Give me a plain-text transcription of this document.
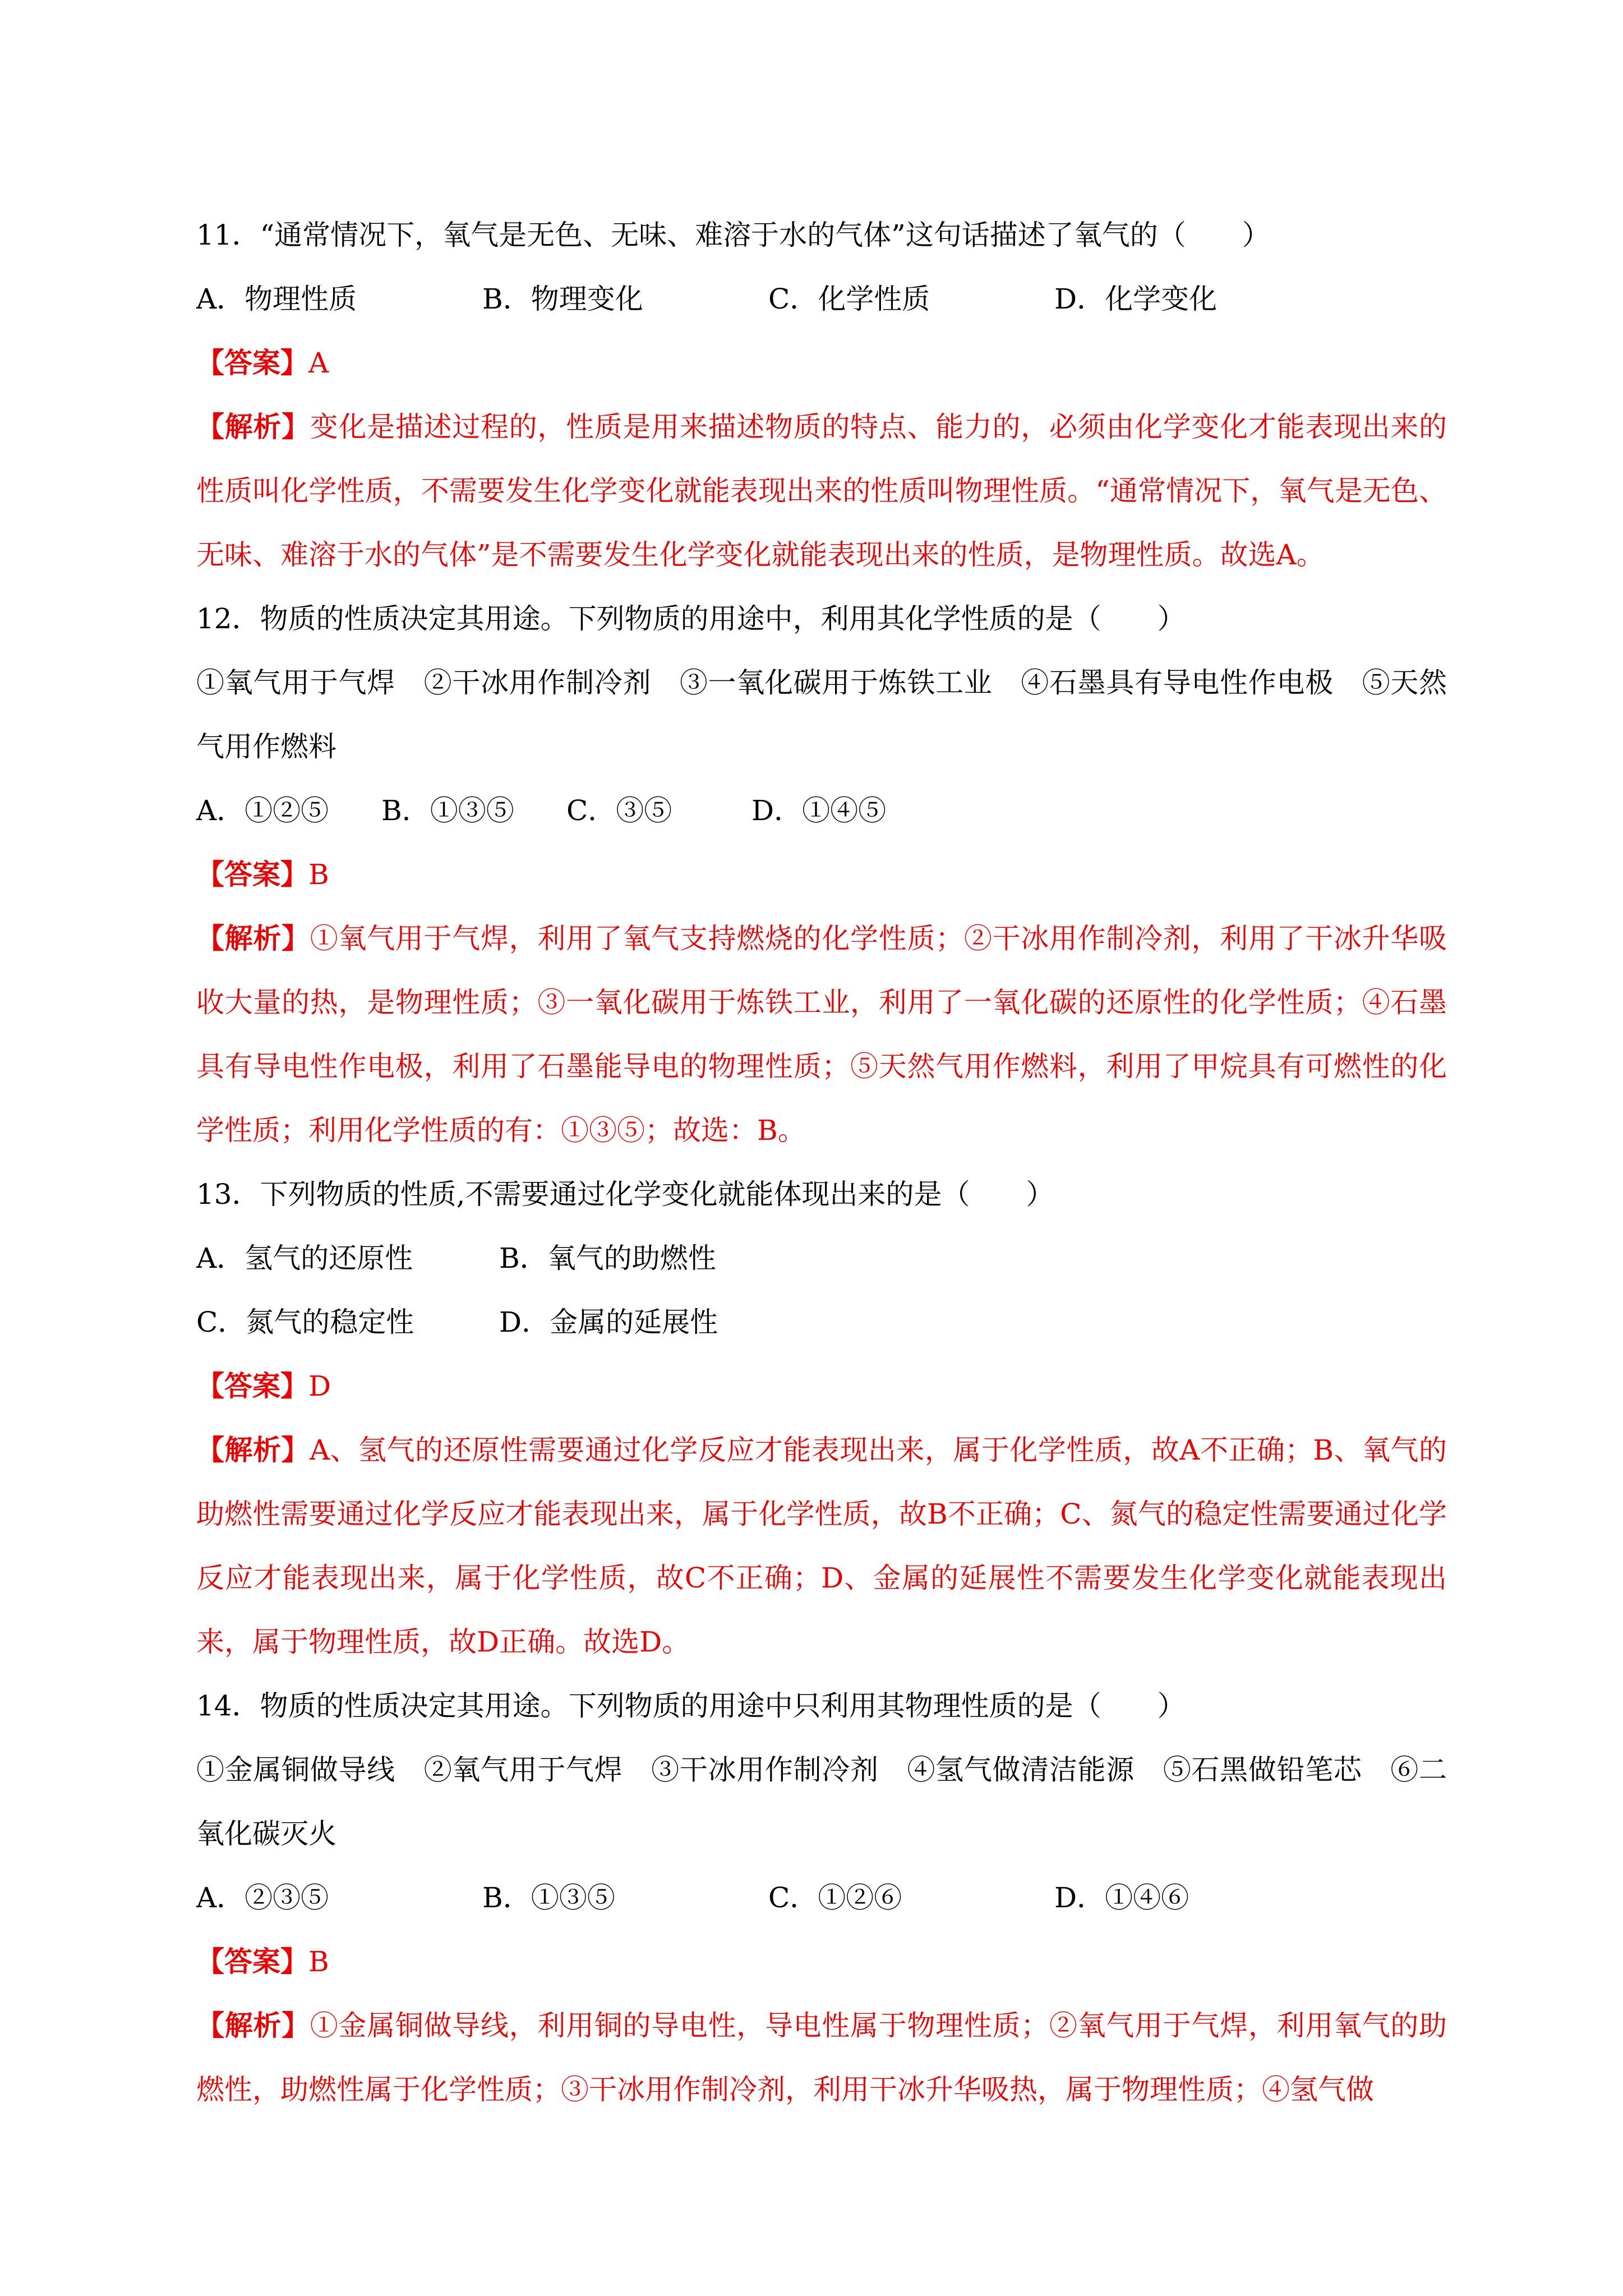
11．“通常情况下，氧气是无色、无味、难溶于水的气体”这句话描述了氧气的（　　）
A．物理性质	B．物理变化	C．化学性质	D．化学变化
【答案】A
【解析】变化是描述过程的，性质是用来描述物质的特点、能力的，必须由化学变化才能表现出来的性质叫化学性质，不需要发生化学变化就能表现出来的性质叫物理性质。“通常情况下，氧气是无色、无味、难溶于水的气体”是不需要发生化学变化就能表现出来的性质，是物理性质。故选A。
12．物质的性质决定其用途。下列物质的用途中，利用其化学性质的是（　　）
①氧气用于气焊　②干冰用作制冷剂　③一氧化碳用于炼铁工业　④石墨具有导电性作电极　⑤天然气用作燃料
A．①②⑤ B．①③⑤ C．③⑤	D．①④⑤
【答案】B
【解析】①氧气用于气焊，利用了氧气支持燃烧的化学性质；②干冰用作制冷剂，利用了干冰升华吸收大量的热，是物理性质；③一氧化碳用于炼铁工业，利用了一氧化碳的还原性的化学性质；④石墨具有导电性作电极，利用了石墨能导电的物理性质；⑤天然气用作燃料，利用了甲烷具有可燃性的化学性质；利用化学性质的有：①③⑤；故选：B。
13．下列物质的性质,不需要通过化学变化就能体现出来的是（　　）
A．氢气的还原性	B．氧气的助燃性
C．氮气的稳定性	D．金属的延展性
【答案】D
【解析】A、氢气的还原性需要通过化学反应才能表现出来，属于化学性质，故A不正确；B、氧气的助燃性需要通过化学反应才能表现出来，属于化学性质，故B不正确；C、氮气的稳定性需要通过化学反应才能表现出来，属于化学性质，故C不正确；D、金属的延展性不需要发生化学变化就能表现出来，属于物理性质，故D正确。故选D。
14．物质的性质决定其用途。下列物质的用途中只利用其物理性质的是（　　）
①金属铜做导线　②氧气用于气焊　③干冰用作制冷剂　④氢气做清洁能源　⑤石黑做铅笔芯　⑥二氧化碳灭火
A．②③⑤	B．①③⑤	C．①②⑥	D．①④⑥
【答案】B
【解析】①金属铜做导线，利用铜的导电性，导电性属于物理性质；②氧气用于气焊，利用氧气的助燃性，助燃性属于化学性质；③干冰用作制冷剂，利用干冰升华吸热，属于物理性质；④氢气做
